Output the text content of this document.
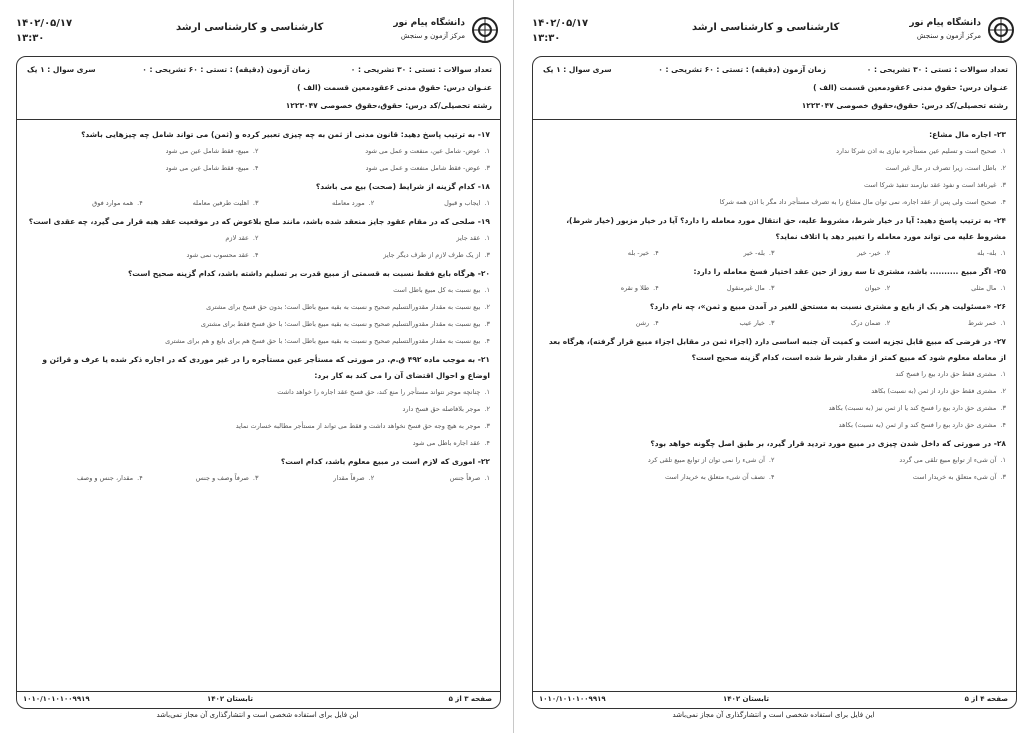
۱۴۰۲/۰۵/۱۷
۱۳:۳۰
کارشناسی و کارشناسی ارشد	دانشگاه پیام نور
مرکز آزمون و سنجش
تعداد سوالات : تستی : ۳۰ تشریحی : ۰
زمان آزمون (دقیقه) : تستی : ۶۰ تشریحی : ۰
سری سوال : ۱ یک
عنـوان درس: حقوق مدنی ۶عقودمعین قسمت (الف )
رشته تحصیلی/کد درس: حقوق،حقوق خصوصی ۱۲۲۳۰۴۷
۱۷- به ترتیب پاسخ دهید: قانون مدنی از ثمن به چه چیزی تعبیر کرده و (ثمن) می تواند شامل چه چیزهایی باشد؟
۱.عوض- شامل عین، منفعت و عمل می شود
۲.مبیع- فقط شامل عین می شود
۳.عوض- فقط شامل منفعت و عمل می شود
۴.مبیع- فقط شامل عین می شود
۱۸- کدام گزینه از شرایط (صحت) بیع می باشد؟
۱.ایجاب و قبول
۲.مورد معامله
۳.اهلیت طرفین معامله
۴.همه موارد فوق
۱۹- صلحی که در مقام عقود جایز منعقد شده باشد، مانند صلح بلاعوض که در موقعیت عقد هبه قرار می گیرد، چه عقدی است؟
۱.عقد جایز
۲.عقد لازم
۳.از یک طرف لازم از طرف دیگر جایز
۴.عقد محسوب نمی شود
۲۰- هرگاه بایع فقط نسبت به قسمتی از مبیع قدرت بر تسلیم داشته باشد، کدام گزینه صحیح است؟
۱.بیع نسبت به کل مبیع باطل است
۲.بیع نسبت به مقدار مقدورالتسلیم صحیح و نسبت به بقیه مبیع باطل است؛ بدون حق فسخ برای مشتری
۳.بیع نسبت به مقدار مقدورالتسلیم صحیح و نسبت به بقیه مبیع باطل است؛ با حق فسخ فقط برای مشتری
۴.بیع نسبت به مقدار مقدورالتسلیم صحیح و نسبت به بقیه مبیع باطل است؛ با حق فسخ هم برای بایع و هم برای مشتری
۲۱- به موجب ماده ۴۹۲ ق.م. در صورتی که مستأجر عین مستأجره را در غیر موردی که در اجاره ذکر شده یا عرف و قرائن و اوضاع و احوال اقتضای آن را می کند به کار برد:
۱.چنانچه موجر نتواند مستأجر را منع کند، حق فسخ عقد اجاره را خواهد داشت
۲.موجر بلافاصله حق فسخ دارد
۳.موجر به هیچ وجه حق فسخ نخواهد داشت و فقط می تواند از مستأجر مطالبه خسارت نماید
۴.عقد اجاره باطل می شود
۲۲- اموری که لازم است در مبیع معلوم باشد، کدام است؟
۱.صرفاً جنس
۲.صرفاً مقدار
۳.صرفاً وصف و جنس
۴.مقدار، جنس و وصف
۱۰۱۰/۱۰۱۰۱۰۰۹۹۱۹	تابستان ۱۴۰۲	صفحه ۳ از ۵
این فایل برای استفاده شخصی است و انتشارگذاری آن مجاز نمی‌باشد
۱۴۰۲/۰۵/۱۷
۱۳:۳۰
کارشناسی و کارشناسی ارشد	دانشگاه پیام نور
مرکز آزمون و سنجش
تعداد سوالات : تستی : ۳۰ تشریحی : ۰
زمان آزمون (دقیقه) : تستی : ۶۰ تشریحی : ۰
سری سوال : ۱ یک
عنـوان درس: حقوق مدنی ۶عقودمعین قسمت (الف )
رشته تحصیلی/کد درس: حقوق،حقوق خصوصی ۱۲۲۳۰۴۷
۲۳- اجاره مال مشاع:
۱.صحیح است و تسلیم عین مستأجره نیازی به اذن شرکا ندارد
۲.باطل است، زیرا تصرف در مال غیر است
۳.غیرنافذ است و نفوذ عقد نیازمند تنفیذ شرکا است
۴.صحیح است ولی پس از عقد اجاره، نمی توان مال مشاع را به تصرف مستأجر داد مگر با اذن همه شرکا
۲۴- به ترتیب پاسخ دهید: آیا در خیار شرط، مشروط علیه، حق انتقال مورد معامله را دارد؟ آیا در خیار مزبور (خیار شرط)، مشروط علیه می تواند مورد معامله را تغییر دهد یا اتلاف نماید؟
۱.بله- بله
۲.خیر- خیر
۳.بله- خیر
۴.خیر- بله
۲۵- اگر مبیع .......... باشد، مشتری تا سه روز از حین عقد اختیار فسخ معامله را دارد:
۱.مال مثلی
۲.حیوان
۳.مال غیرمنقول
۴.طلا و نقره
۲۶- «مسئولیت هر یک از بایع و مشتری نسبت به مستحق للغیر در آمدن مبیع و ثمن»، چه نام دارد؟
۱.خمر شرط
۲.ضمان درک
۳.خیار عیب
۴.رشن
۲۷- در فرضی که مبیع قابل تجزیه است و کمیت آن جنبه اساسی دارد (اجزاء ثمن در مقابل اجزاء مبیع قرار گرفته)، هرگاه بعد از معامله معلوم شود که مبیع کمتر از مقدار شرط شده است، کدام گزینه صحیح است؟
۱.مشتری فقط حق دارد بیع را فسخ کند
۲.مشتری فقط حق دارد از ثمن (به نسبت) بکاهد
۳.مشتری حق دارد بیع را فسخ کند یا از ثمن نیز (به نسبت) بکاهد
۴.مشتری حق دارد بیع را فسخ کند و از ثمن (به نسبت) بکاهد
۲۸- در صورتی که داخل شدن چیزی در مبیع مورد تردید قرار گیرد، بر طبق اصل چگونه خواهد بود؟
۱.آن شیء از توابع مبیع تلقی می گردد
۲.آن شیء را نمی توان از توابع مبیع تلقی کرد
۳.آن شیء متعلق به خریدار است
۴.نصف آن شیء متعلق به خریدار است
۱۰۱۰/۱۰۱۰۱۰۰۹۹۱۹	تابستان ۱۴۰۲	صفحه ۴ از ۵
این فایل برای استفاده شخصی است و انتشارگذاری آن مجاز نمی‌باشد
